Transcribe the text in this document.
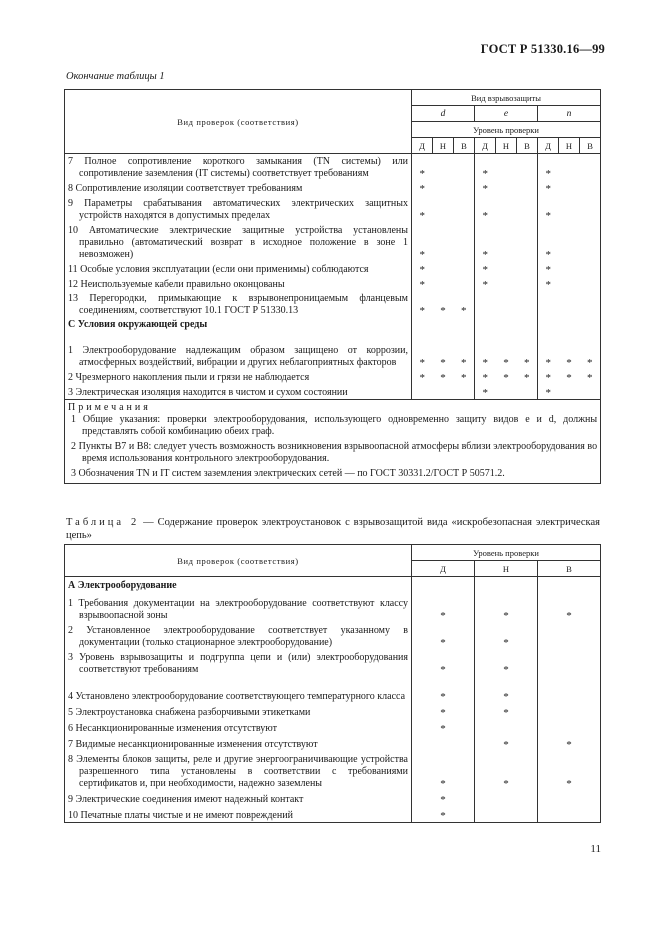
ГОСТ Р 51330.16—99
Окончание таблицы 1
Вид проверок (соответствия)	Вид взрывозащиты								
	d			e			n		
	Уровень проверки								
	Д	Н	В	Д	Н	В	Д	Н	В
7 Полное сопротивление короткого замыкания (TN системы) или сопротивление заземления (IT системы) соответствует требованиям	*			*			*		
8 Сопротивление изоляции соответствует требованиям	*			*			*		
9 Параметры срабатывания автоматических электрических защитных устройств находятся в допустимых пределах	*			*			*		
10 Автоматические электрические защитные устройства установлены правильно (автоматический возврат в исходное положение в зоне 1 невозможен)	*			*			*		
11 Особые условия эксплуатации (если они применимы) соблюдаются	*			*			*		
12 Неиспользуемые кабели правильно оконцованы	*			*			*		
13 Перегородки, примыкающие к взрывонепроницаемым фланцевым соединениям, соответствуют 10.1 ГОСТ Р 51330.13	*	*	*						
С Условия окружающей среды									
1 Электрооборудование надлежащим образом защищено от коррозии, атмосферных воздействий, вибрации и других неблагоприятных факторов	*	*	*	*	*	*	*	*	*
2 Чрезмерного накопления пыли и грязи не наблюдается	*	*	*	*	*	*	*	*	*
3 Электрическая изоляция находится в чистом и сухом состоянии				*			*		

Примечания
1 Общие указания: проверки электрооборудования, использующего одновременно защиту видов e и d, должны представлять собой комбинацию обеих граф.
2 Пункты В7 и В8: следует учесть возможность возникновения взрывоопасной атмосферы вблизи электрооборудования во время использования контрольного электрооборудования.
3 Обозначения TN и IT систем заземления электрических сетей — по ГОСТ 30331.2/ГОСТ Р 50571.2.									
Таблица 2 — Содержание проверок электроустановок с взрывозащитой вида «искробезопасная электрическая цепь»
Вид проверок (соответствия)	Уровень проверки		
	Д	Н	В
А Электрооборудование			
1 Требования документации на электрооборудование соответствуют классу взрывоопасной зоны	*	*	*
2 Установленное электрооборудование соответствует указанному в документации (только стационарное электрооборудование)	*	*	
3 Уровень взрывозащиты и подгруппа цепи и (или) электрооборудования соответствуют требованиям	*	*	
4 Установлено электрооборудование соответствующего температурного класса	*	*	
5 Электроустановка снабжена разборчивыми этикетками	*	*	
6 Несанкционированные изменения отсутствуют	*		
7 Видимые несанкционированные изменения отсутствуют		*	*
8 Элементы блоков защиты, реле и другие энергоограничивающие устройства разрешенного типа установлены в соответствии с требованиями сертификатов и, при необходимости, надежно заземлены	*	*	*
9 Электрические соединения имеют надежный контакт	*		
10 Печатные платы чистые и не имеют повреждений	*		
11
